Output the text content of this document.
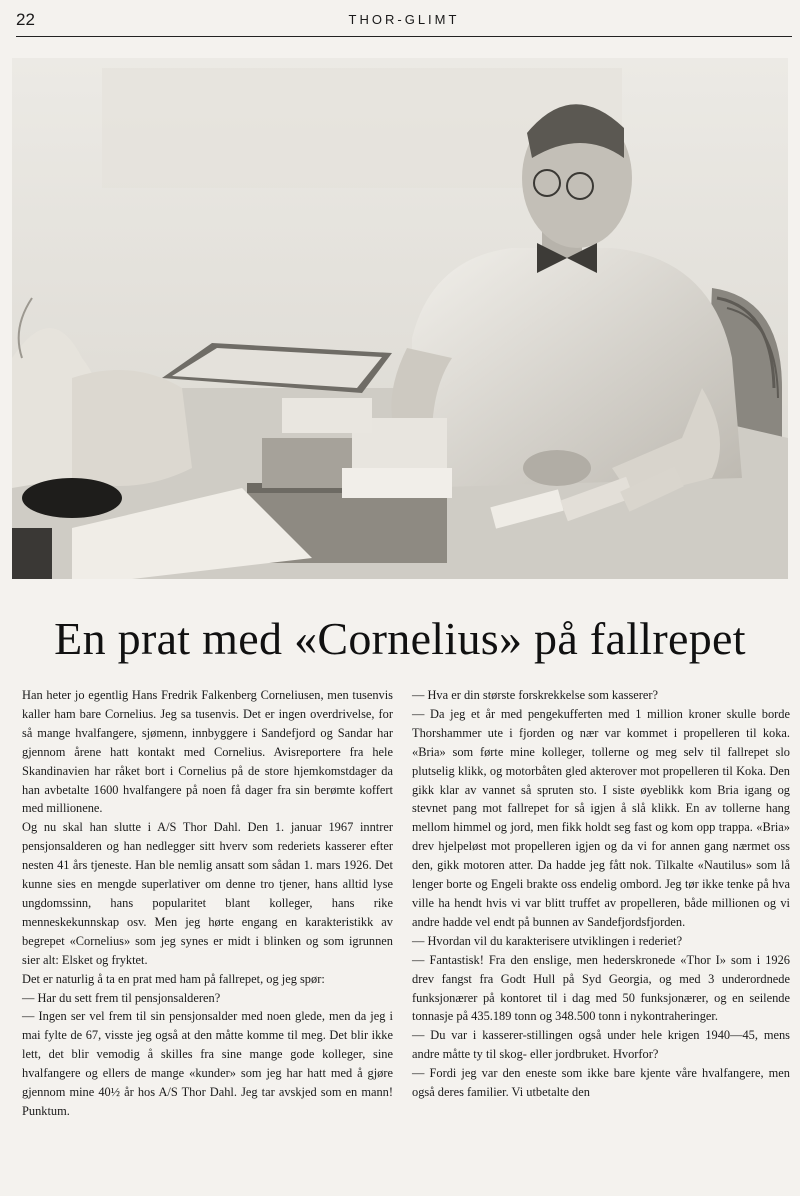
22	THOR-GLIMT
En prat med «Cornelius» på fallrepet

Han heter jo egentlig Hans Fredrik Falkenberg Corneliusen, men tusenvis kaller ham bare Cornelius. Jeg sa tusenvis. Det er ingen overdrivelse, for så mange hvalfangere, sjømenn, innbyggere i Sandefjord og Sandar har gjennom årene hatt kontakt med Cornelius. Avisreportere fra hele Skandinavien har råket bort i Cornelius på de store hjemkomstdager da han avbetalte 1600 hvalfangere på noen få dager fra sin berømte koffert med millionene.

Og nu skal han slutte i A/S Thor Dahl. Den 1. januar 1967 inntrer pensjonsalderen og han nedlegger sitt hverv som rederiets kasserer efter nesten 41 års tjeneste. Han ble nemlig ansatt som sådan 1. mars 1926. Det kunne sies en mengde superlativer om denne tro tjener, hans alltid lyse ungdomssinn, hans popularitet blant kolleger, hans rike menneskekunnskap osv. Men jeg hørte engang en karakteristikk av begrepet «Cornelius» som jeg synes er midt i blinken og som igrunnen sier alt: Elsket og fryktet.

Det er naturlig å ta en prat med ham på fallrepet, og jeg spør:

— Har du sett frem til pensjonsalderen?

— Ingen ser vel frem til sin pensjonsalder med noen glede, men da jeg i mai fylte de 67, visste jeg også at den måtte komme til meg. Det blir ikke lett, det blir vemodig å skilles fra sine mange gode kolleger, sine hvalfangere og ellers de mange «kunder» som jeg har hatt med å gjøre gjennom mine 40½ år hos A/S Thor Dahl. Jeg tar avskjed som en mann! Punktum.

— Hva er din største forskrekkelse som kasserer?

— Da jeg et år med pengekufferten med 1 million kroner skulle borde Thorshammer ute i fjorden og nær var kommet i propelleren til koka. «Bria» som førte mine kolleger, tollerne og meg selv til fallrepet slo plutselig klikk, og motorbåten gled akterover mot propelleren til Koka. Den gikk klar av vannet så spruten sto. I siste øyeblikk kom Bria igang og stevnet pang mot fallrepet for så igjen å slå klikk. En av tollerne hang mellom himmel og jord, men fikk holdt seg fast og kom opp trappa. «Bria» drev hjelpeløst mot propelleren igjen og da vi for annen gang nærmet oss den, gikk motoren atter. Da hadde jeg fått nok. Tilkalte «Nautilus» som lå lenger borte og Engeli brakte oss endelig ombord. Jeg tør ikke tenke på hva ville ha hendt hvis vi var blitt truffet av propelleren, både millionen og vi andre hadde vel endt på bunnen av Sandefjordsfjorden.

— Hvordan vil du karakterisere utviklingen i rederiet?

— Fantastisk! Fra den enslige, men hederskronede «Thor I» som i 1926 drev fangst fra Godt Hull på Syd Georgia, og med 3 underordnede funksjonærer på kontoret til i dag med 50 funksjonærer, og en seilende tonnasje på 435.189 tonn og 348.500 tonn i nykontraheringer.

— Du var i kasserer-stillingen også under hele krigen 1940—45, mens andre måtte ty til skog- eller jordbruket. Hvorfor?

— Fordi jeg var den eneste som ikke bare kjente våre hvalfangere, men også deres familier. Vi utbetalte den
